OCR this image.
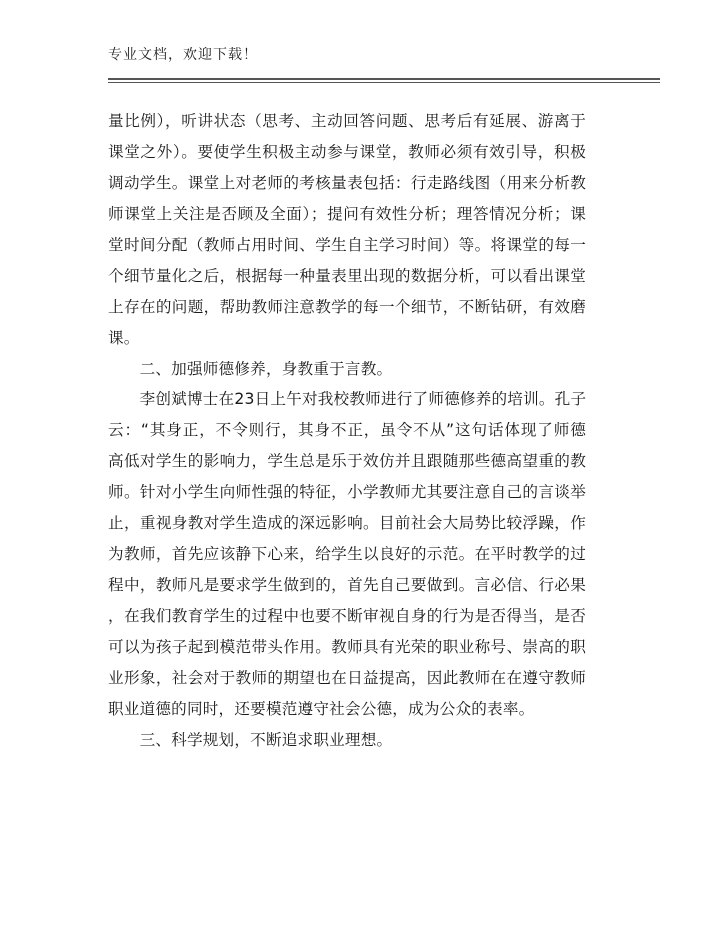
专业文档，欢迎下载！
量比例），听讲状态（思考、主动回答问题、思考后有延展、游离于
课堂之外）。要使学生积极主动参与课堂，教师必须有效引导，积极
调动学生。课堂上对老师的考核量表包括：行走路线图（用来分析教
师课堂上关注是否顾及全面）；提问有效性分析；理答情况分析；课
堂时间分配（教师占用时间、学生自主学习时间）等。将课堂的每一
个细节量化之后，根据每一种量表里出现的数据分析，可以看出课堂
上存在的问题，帮助教师注意教学的每一个细节，不断钻研，有效磨
课。
　　二、加强师德修养，身教重于言教。
　　李创斌博士在23日上午对我校教师进行了师德修养的培训。孔子
云：“其身正，不令则行，其身不正，虽令不从”这句话体现了师德
高低对学生的影响力，学生总是乐于效仿并且跟随那些德高望重的教
师。针对小学生向师性强的特征，小学教师尤其要注意自己的言谈举
止，重视身教对学生造成的深远影响。目前社会大局势比较浮躁，作
为教师，首先应该静下心来，给学生以良好的示范。在平时教学的过
程中，教师凡是要求学生做到的，首先自己要做到。言必信、行必果
，在我们教育学生的过程中也要不断审视自身的行为是否得当，是否
可以为孩子起到模范带头作用。教师具有光荣的职业称号、崇高的职
业形象，社会对于教师的期望也在日益提高，因此教师在在遵守教师
职业道德的同时，还要模范遵守社会公德，成为公众的表率。
　　三、科学规划，不断追求职业理想。
